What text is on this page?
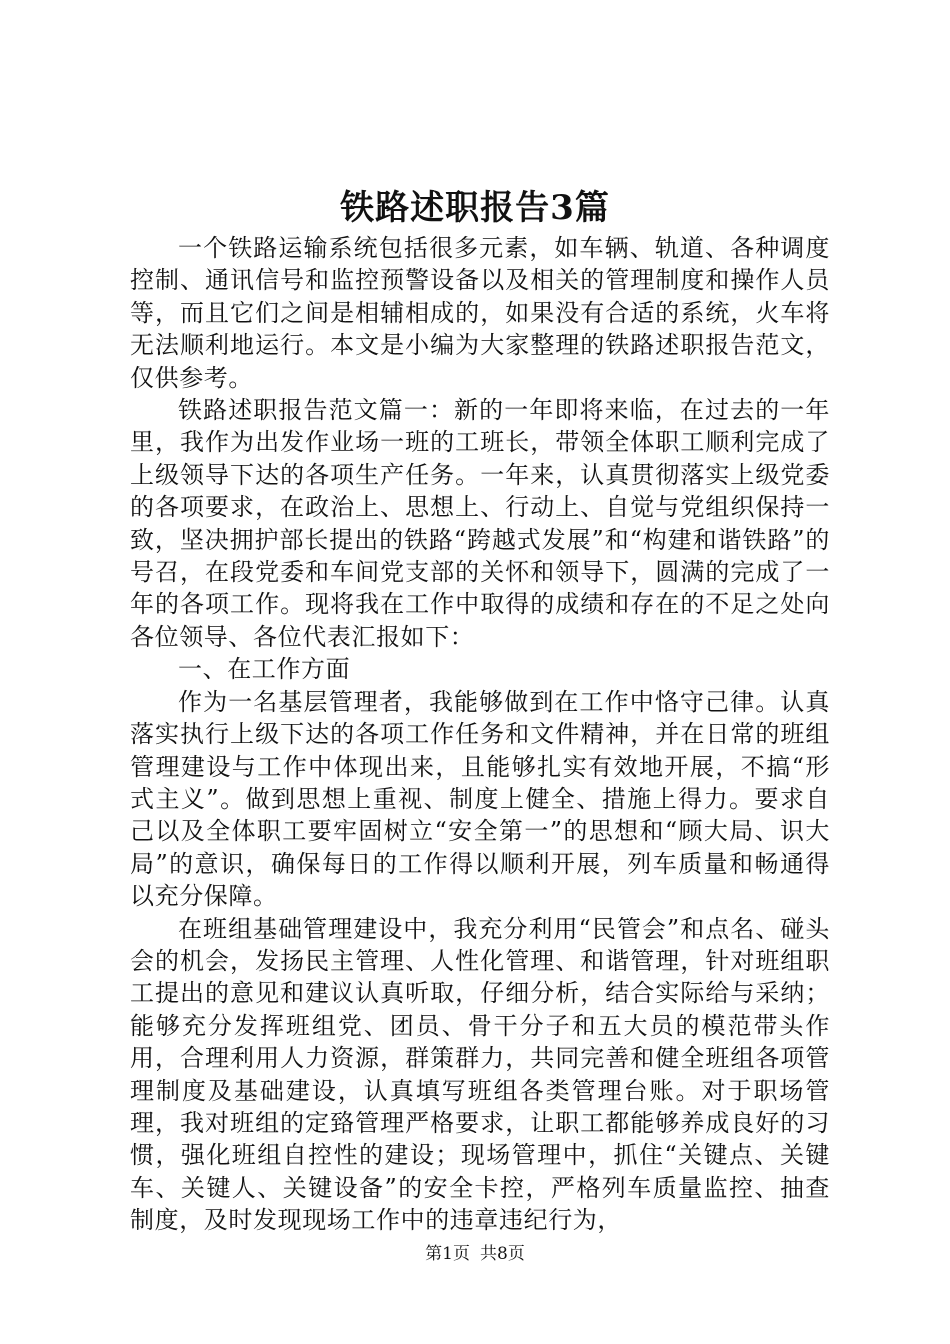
铁路述职报告3篇

一个铁路运输系统包括很多元素，如车辆、轨道、各种调度控制、通讯信号和监控预警设备以及相关的管理制度和操作人员等，而且它们之间是相辅相成的，如果没有合适的系统，火车将无法顺利地运行。本文是小编为大家整理的铁路述职报告范文，仅供参考。

铁路述职报告范文篇一：新的一年即将来临，在过去的一年里，我作为出发作业场一班的工班长，带领全体职工顺利完成了上级领导下达的各项生产任务。一年来，认真贯彻落实上级党委的各项要求，在政治上、思想上、行动上、自觉与党组织保持一致，坚决拥护部长提出的铁路“跨越式发展”和“构建和谐铁路”的号召，在段党委和车间党支部的关怀和领导下，圆满的完成了一年的各项工作。现将我在工作中取得的成绩和存在的不足之处向各位领导、各位代表汇报如下：

一、在工作方面

作为一名基层管理者，我能够做到在工作中恪守己律。认真落实执行上级下达的各项工作任务和文件精神，并在日常的班组管理建设与工作中体现出来，且能够扎实有效地开展，不搞“形式主义”。做到思想上重视、制度上健全、措施上得力。要求自己以及全体职工要牢固树立“安全第一”的思想和“顾大局、识大局”的意识，确保每日的工作得以顺利开展，列车质量和畅通得以充分保障。

在班组基础管理建设中，我充分利用“民管会”和点名、碰头会的机会，发扬民主管理、人性化管理、和谐管理，针对班组职工提出的意见和建议认真听取，仔细分析，结合实际给与采纳；能够充分发挥班组党、团员、骨干分子和五大员的模范带头作用，合理利用人力资源，群策群力，共同完善和健全班组各项管理制度及基础建设，认真填写班组各类管理台账。对于职场管理，我对班组的定臵管理严格要求，让职工都能够养成良好的习惯，强化班组自控性的建设；现场管理中，抓住“关键点、关键车、关键人、关键设备”的安全卡控，严格列车质量监控、抽查制度，及时发现现场工作中的违章违纪行为，

第1页 共8页
